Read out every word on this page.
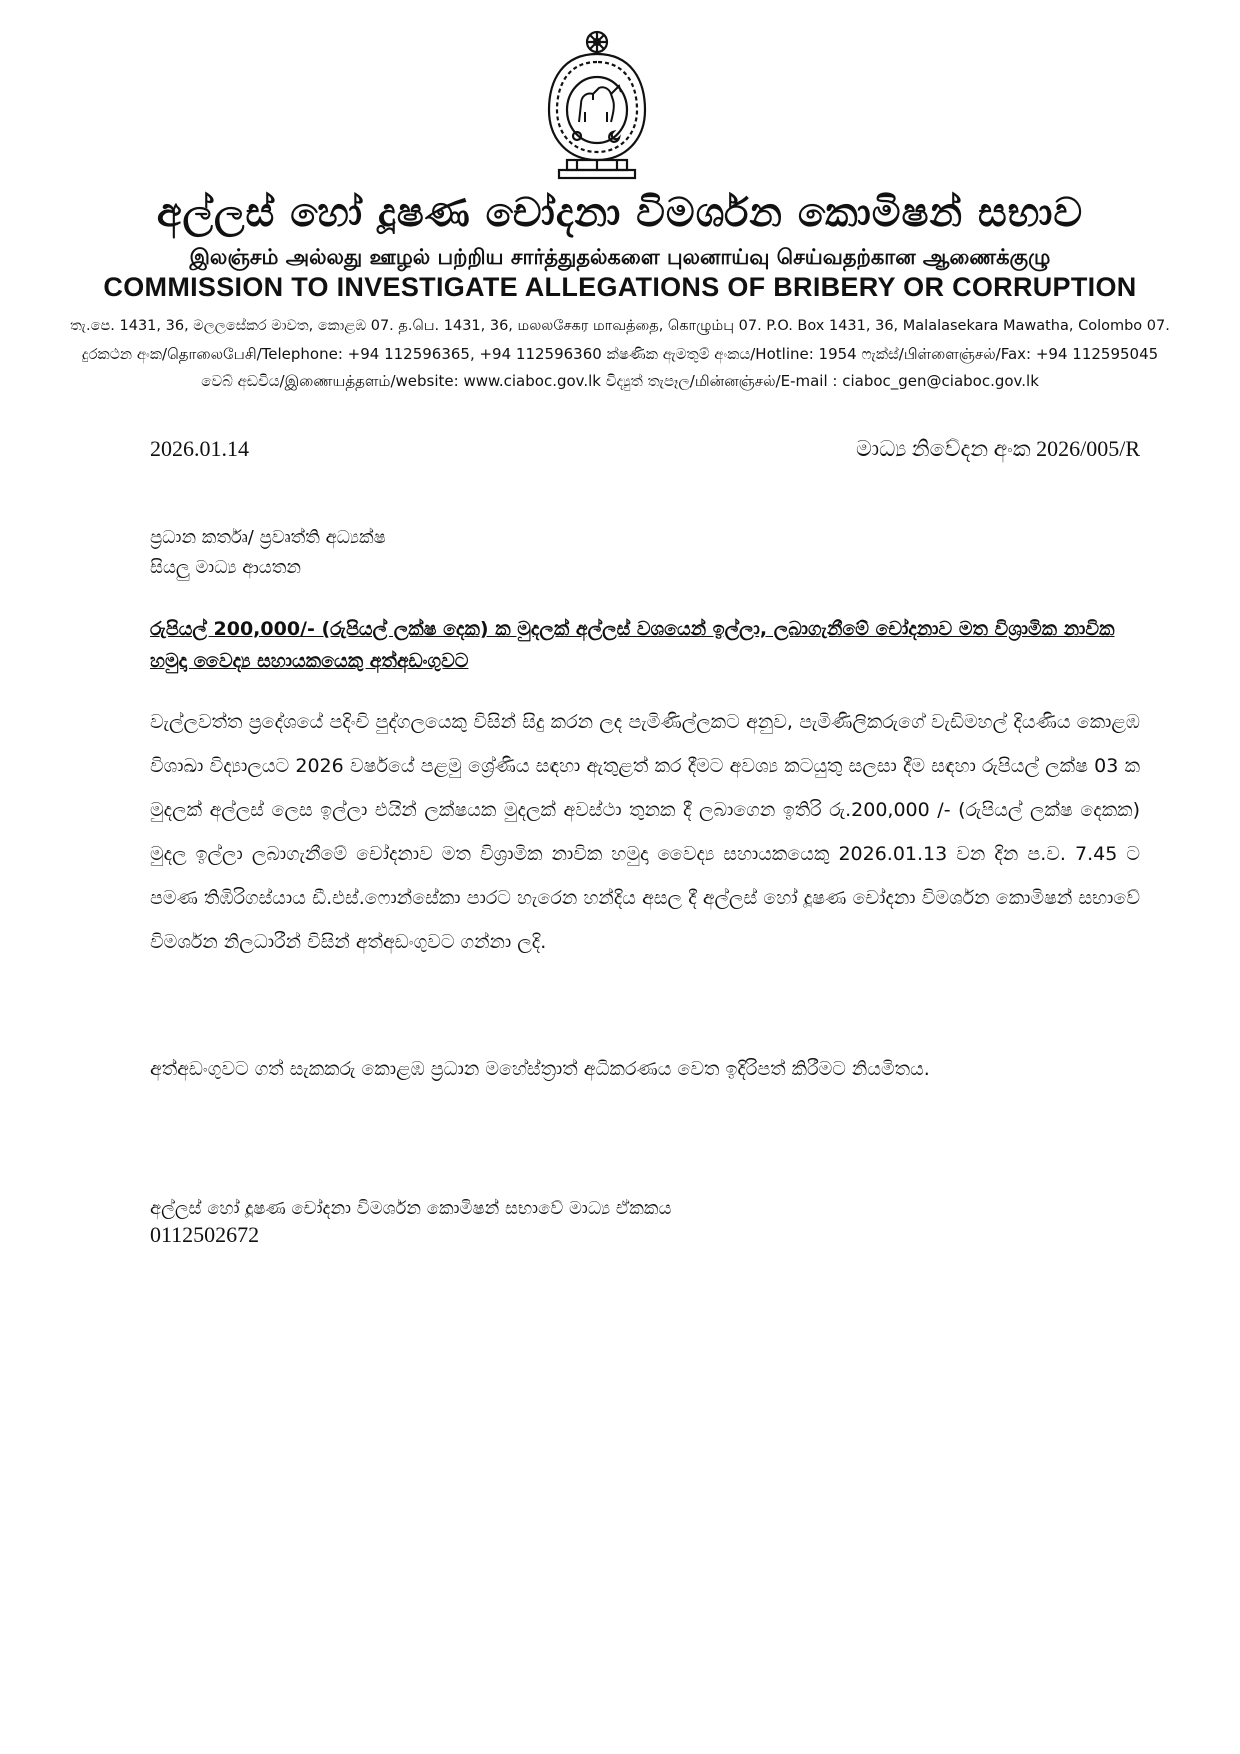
අල්ලස් හෝ දූෂණ චෝදනා විමර්ශන කොමිෂන් සභාව
இலஞ்சம் அல்லது ஊழல் பற்றிய சார்த்துதல்களை புலனாய்வு செய்வதற்கான ஆணைக்குழு
COMMISSION TO INVESTIGATE ALLEGATIONS OF BRIBERY OR CORRUPTION
තැ.පෙ. 1431, 36, මලලසේකර මාවත, කොළඹ 07. த.பெ. 1431, 36, மலலசேகர மாவத்தை, கொழும்பு 07. P.O. Box 1431, 36, Malalasekara Mawatha, Colombo 07.
දුරකථන අංක/தொலைபேசி/Telephone: +94 112596365, +94 112596360 ක්ෂණික ඇමතුම් අංකය/Hotline: 1954 ෆැක්ස්/பிள்ளைஞ்சல்/Fax: +94 112595045
වෙබ් අඩවිය/இணையத்தளம்/website: www.ciaboc.gov.lk විද්‍යුත් තැපෑල/மின்னஞ்சல்/E-mail : ciaboc_gen@ciaboc.gov.lk
2026.01.14	මාධ්‍ය නිවේදන අංක 2026/005/R
ප්‍රධාන කර්තෘ/ ප්‍රවෘත්ති අධ්‍යක්ෂ
සියලු මාධ්‍ය ආයතන
රුපියල් 200,000/- (රුපියල් ලක්ෂ දෙක) ක මුදලක් අල්ලස් වශයෙන් ඉල්ලා, ලබාගැනීමේ චෝදනාව මත විශ්‍රාමික නාවික හමුදා වෛද්‍ය සහායකයෙකු අත්අඩංගුවට
වැල්ලවත්ත ප්‍රදේශයේ පදිංචි පුද්ගලයෙකු විසින් සිදු කරන ලද පැමිණිල්ලකට අනුව, පැමිණිලිකරුගේ වැඩිමහල් දියණිය කොළඹ විශාඛා විද්‍යාලයට 2026 වර්ෂයේ පළමු ශ්‍රේණිය සඳහා ඇතුළත් කර දීමට අවශ්‍ය කටයුතු සලසා දීම සඳහා රුපියල් ලක්ෂ 03 ක මුදලක් අල්ලස් ලෙස ඉල්ලා එයින් ලක්ෂයක මුදලක් අවස්ථා තුනක දී ලබාගෙන ඉතිරි රු.200,000 /- (රුපියල් ලක්ෂ දෙකක) මුදල ඉල්ලා ලබාගැනීමේ චෝදනාව මත විශ්‍රාමික නාවික හමුදා වෛද්‍ය සහායකයෙකු 2026.01.13 වන දින ප.ව. 7.45 ට පමණ තිඹිරිගස්යාය ඩී.එස්.ෆොන්සේකා පාරට හැරෙන හන්දිය අසල දී අල්ලස් හෝ දූෂණ චෝදනා විමර්ශන කොමිෂන් සභාවේ විමර්ශන නිලධාරීන් විසින් අත්අඩංගුවට ගන්නා ලදි.
අත්අඩංගුවට ගත් සැකකරු කොළඹ ප්‍රධාන මහේස්ත්‍රාත් අධිකරණය වෙත ඉදිරිපත් කිරීමට නියමිතය.
අල්ලස් හෝ දූෂණ චෝදනා විමර්ශන කොමිෂන් සභාවේ මාධ්‍ය ඒකකය
0112502672
